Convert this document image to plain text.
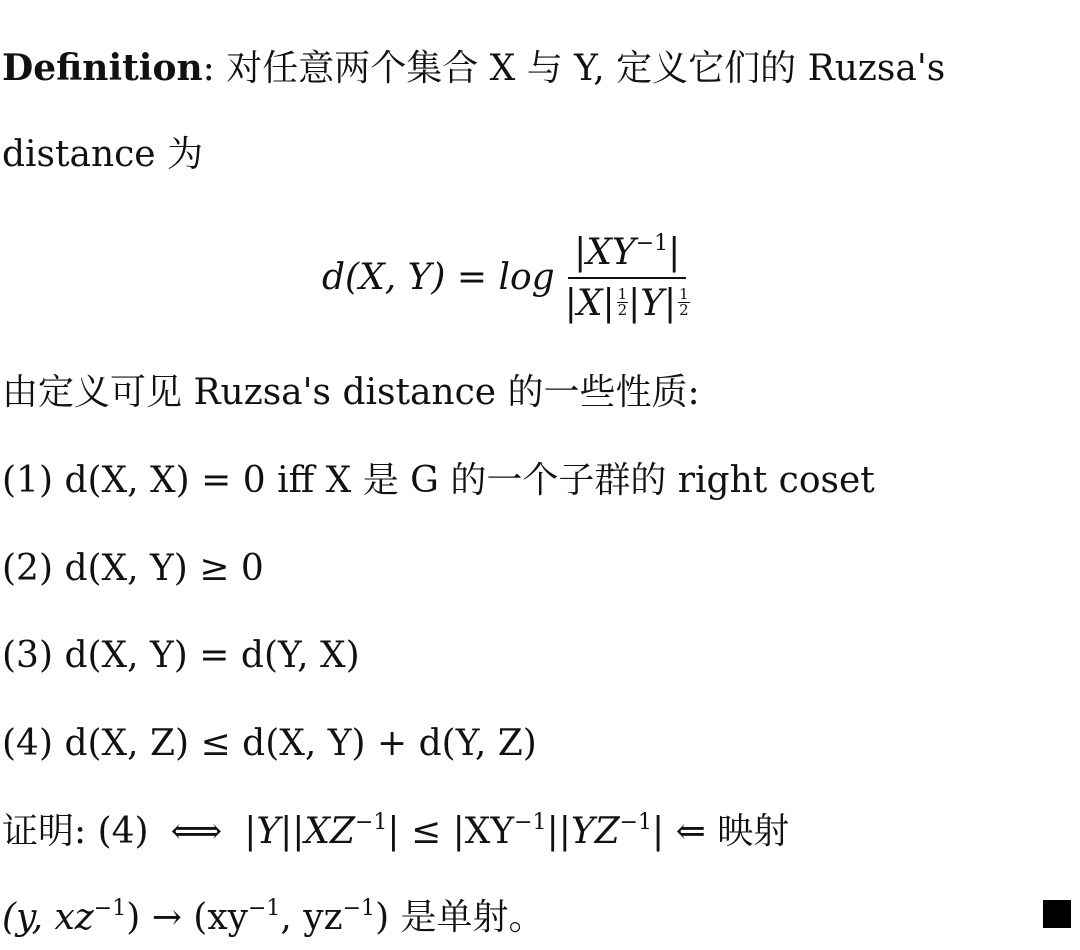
Definition: 对任意两个集合 X 与 Y, 定义它们的 Ruzsa's
distance 为
d(X, $Y) = \log \frac{|XY^{-1}|}{|X| \frac{1}{2} |Y| \frac{1}{2}}$
由定义可见 Ruzsa's distance 的一些性质:
(1) d(X, X) = 0 iff X 是 G 的一个子群的 right coset
(2) d(X, Y) ≥ 0
(3) d(X, Y) = d(Y, X)
(4) d(X, Z) ≤ d(X, Y) + d(Y, Z)
证明: (4) ⟺ $|Y||XZ^{-1}| \le |XY^{-1}||YZ^{-1}|$ ⇐ 映射
(y, $xz^{-1}) \to (xy^{-1}$, $yz^{-1}$) 是单射。
